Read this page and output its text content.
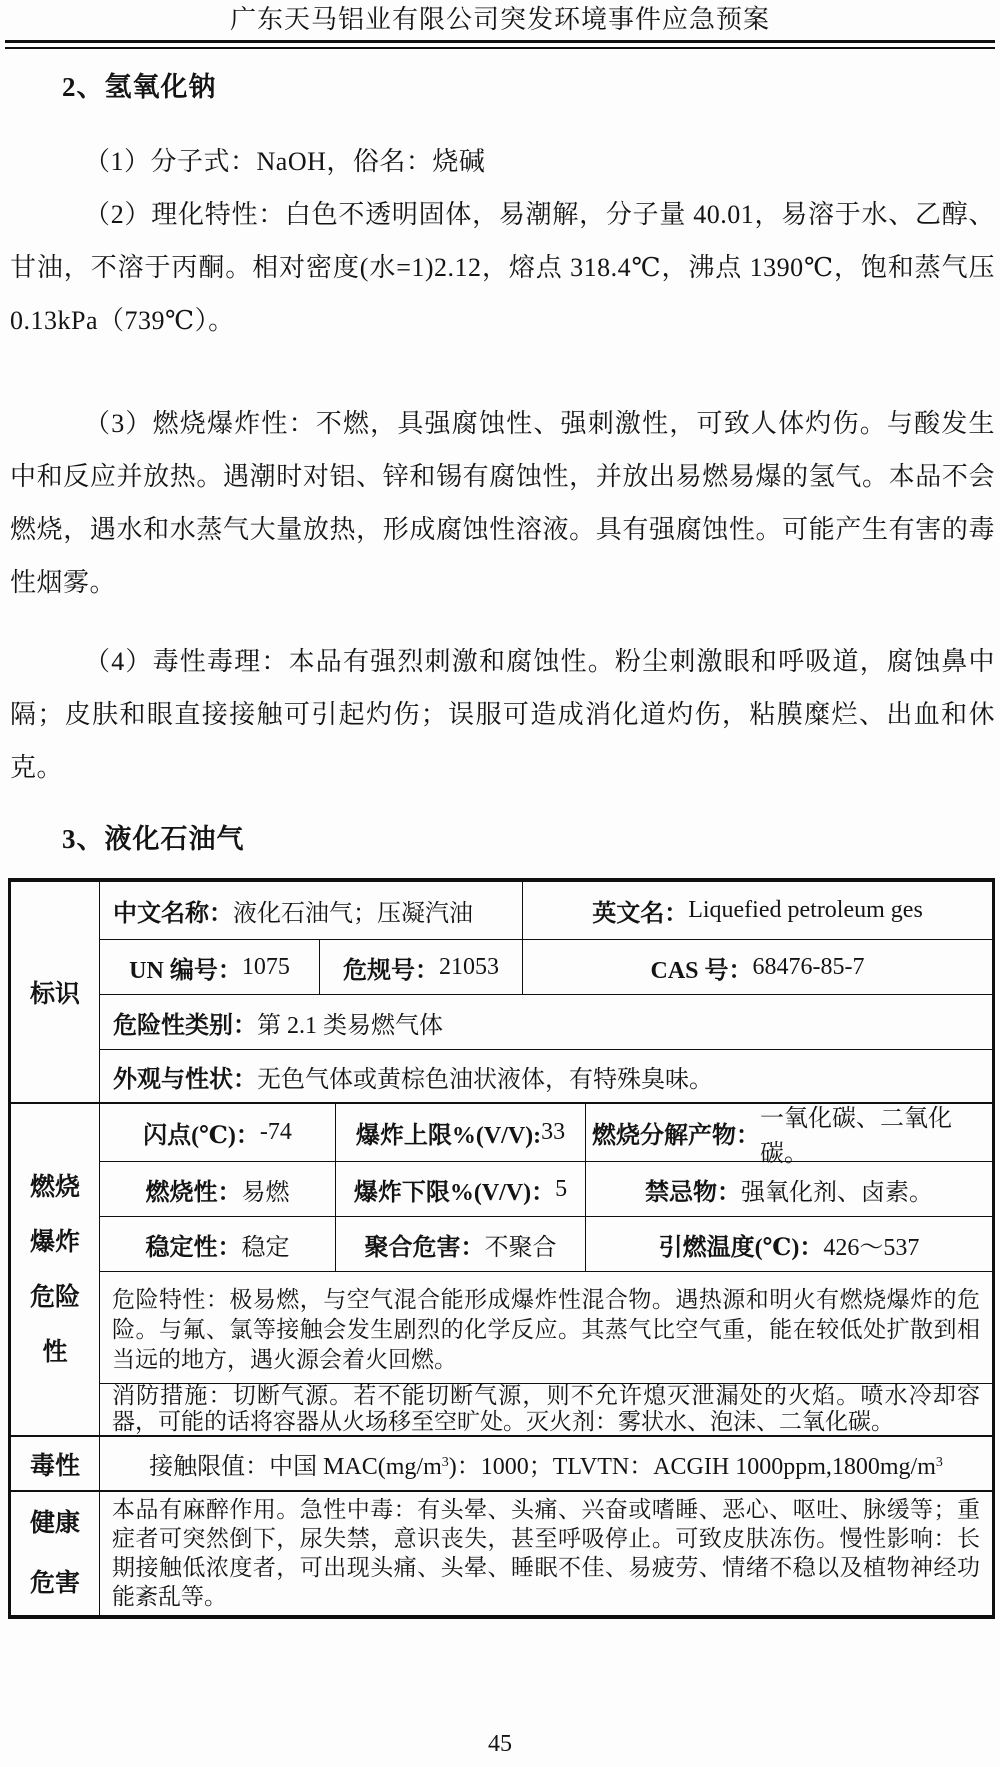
广东天马铝业有限公司突发环境事件应急预案
2、氢氧化钠

（1）分子式：NaOH，俗名：烧碱

（2）理化特性：白色不透明固体，易潮解，分子量 40.01，易溶于水、乙醇、甘油，不溶于丙酮。相对密度(水=1)2.12，熔点 318.4℃，沸点 1390℃，饱和蒸气压 0.13kPa（739℃）。

（3）燃烧爆炸性：不燃，具强腐蚀性、强刺激性，可致人体灼伤。与酸发生中和反应并放热。遇潮时对铝、锌和锡有腐蚀性，并放出易燃易爆的氢气。本品不会燃烧，遇水和水蒸气大量放热，形成腐蚀性溶液。具有强腐蚀性。可能产生有害的毒性烟雾。

（4）毒性毒理：本品有强烈刺激和腐蚀性。粉尘刺激眼和呼吸道，腐蚀鼻中隔；皮肤和眼直接接触可引起灼伤；误服可造成消化道灼伤，粘膜糜烂、出血和休克。

3、液化石油气
标识
中文名称： 液化石油气；压凝汽油	英文名： Liquefied petroleum ges
UN 编号： 1075 危规号： 21053	CAS 号： 68476-85-7
危险性类别： 第 2.1 类易燃气体
外观与性状： 无色气体或黄棕色油状液体，有特殊臭味。
燃烧
爆炸
危险
性
闪点(℃)： -74	爆炸上限%(V/V): 33 燃烧分解产物：
一氧化碳、二氧化碳。
燃烧性： 易燃	爆炸下限%(V/V)： 5	禁忌物： 强氧化剂、卤素。
稳定性： 稳定	聚合危害： 不聚合	引燃温度(℃)： 426～537
危险特性：极易燃，与空气混合能形成爆炸性混合物。遇热源和明火有燃烧爆炸的危险。与氟、氯等接触会发生剧烈的化学反应。其蒸气比空气重，能在较低处扩散到相当远的地方，遇火源会着火回燃。
消防措施：切断气源。若不能切断气源，则不允许熄灭泄漏处的火焰。喷水冷却容器，可能的话将容器从火场移至空旷处。灭火剂：雾状水、泡沫、二氧化碳。
毒性	接触限值：中国 $MAC(mg/m^3)$：1000；TLVTN：ACGIH $1000ppm,1800mg/m^3$
健康
危害
本品有麻醉作用。急性中毒：有头晕、头痛、兴奋或嗜睡、恶心、呕吐、脉缓等；重症者可突然倒下，尿失禁，意识丧失，甚至呼吸停止。可致皮肤冻伤。慢性影响：长期接触低浓度者，可出现头痛、头晕、睡眠不佳、易疲劳、情绪不稳以及植物神经功能紊乱等。
45
